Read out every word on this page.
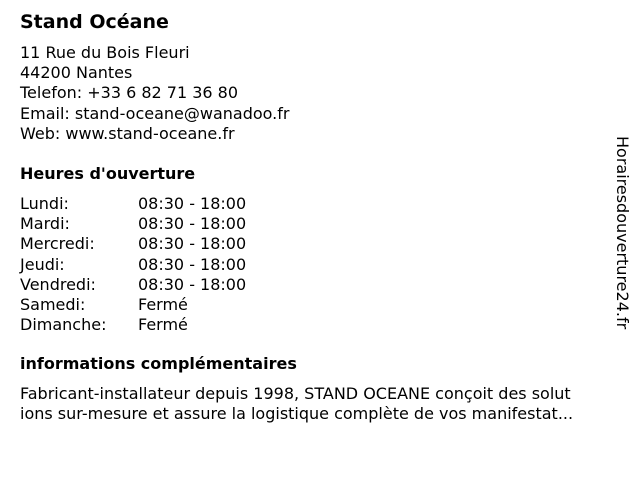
Stand Océane
11 Rue du Bois Fleuri
44200 Nantes
Telefon: +33 6 82 71 36 80
Email: stand-oceane@wanadoo.fr
Web: www.stand-oceane.fr
Heures d'ouverture
Lundi:	08:30 - 18:00
Mardi:	08:30 - 18:00
Mercredi:	08:30 - 18:00
Jeudi:	08:30 - 18:00
Vendredi:	08:30 - 18:00
Samedi:	Fermé
Dimanche: Fermé
informations complémentaires
Fabricant-installateur depuis 1998, STAND OCEANE conçoit des solut
ions sur-mesure et assure la logistique complète de vos manifestat...
Horairesdouverture24.fr
